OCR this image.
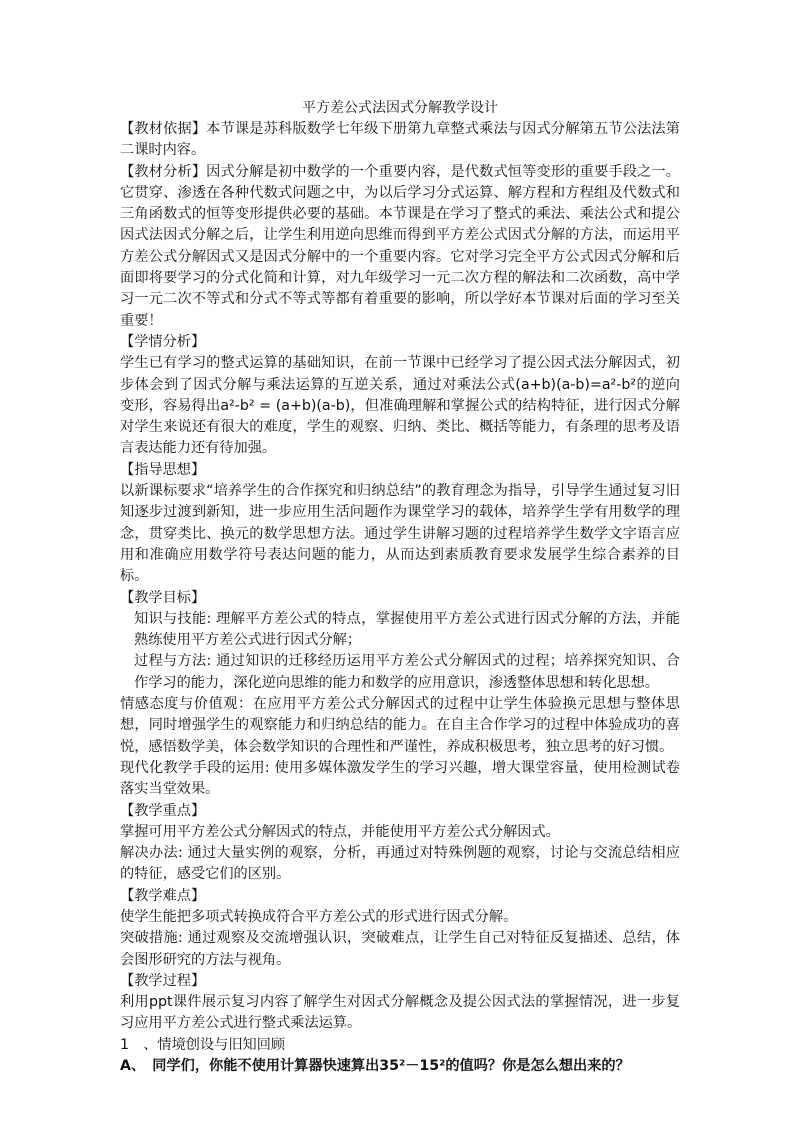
平方差公式法因式分解教学设计

【教材依据】本节课是苏科版数学七年级下册第九章整式乘法与因式分解第五节公法法第二课时内容。

【教材分析】因式分解是初中数学的一个重要内容，是代数式恒等变形的重要手段之一。它贯穿、渗透在各种代数式问题之中，为以后学习分式运算、解方程和方程组及代数式和三角函数式的恒等变形提供必要的基础。本节课是在学习了整式的乘法、乘法公式和提公因式法因式分解之后，让学生利用逆向思维而得到平方差公式因式分解的方法，而运用平方差公式分解因式又是因式分解中的一个重要内容。它对学习完全平方公式因式分解和后面即将要学习的分式化简和计算，对九年级学习一元二次方程的解法和二次函数，高中学习一元二次不等式和分式不等式等都有着重要的影响，所以学好本节课对后面的学习至关重要！

【学情分析】

学生已有学习的整式运算的基础知识，在前一节课中已经学习了提公因式法分解因式，初步体会到了因式分解与乘法运算的互逆关系，通过对乘法公式(a+b)(a-b)=a²-b²的逆向变形，容易得出a²-b² = (a+b)(a-b)，但准确理解和掌握公式的结构特征，进行因式分解对学生来说还有很大的难度，学生的观察、归纳、类比、概括等能力，有条理的思考及语言表达能力还有待加强。

【指导思想】

以新课标要求“培养学生的合作探究和归纳总结”的教育理念为指导，引导学生通过复习旧知逐步过渡到新知，进一步应用生活问题作为课堂学习的载体，培养学生学有用数学的理念，贯穿类比、换元的数学思想方法。通过学生讲解习题的过程培养学生数学文字语言应用和准确应用数学符号表达问题的能力，从而达到素质教育要求发展学生综合素养的目标。

【教学目标】

知识与技能: 理解平方差公式的特点，掌握使用平方差公式进行因式分解的方法，并能熟练使用平方差公式进行因式分解；

过程与方法: 通过知识的迁移经历运用平方差公式分解因式的过程；培养探究知识、合作学习的能力，深化逆向思维的能力和数学的应用意识，渗透整体思想和转化思想。

情感态度与价值观：在应用平方差公式分解因式的过程中让学生体验换元思想与整体思想，同时增强学生的观察能力和归纳总结的能力。在自主合作学习的过程中体验成功的喜悦，感悟数学美，体会数学知识的合理性和严谨性，养成积极思考，独立思考的好习惯。

现代化教学手段的运用: 使用多媒体激发学生的学习兴趣，增大课堂容量，使用检测试卷落实当堂效果。

【教学重点】

掌握可用平方差公式分解因式的特点，并能使用平方差公式分解因式。

解决办法: 通过大量实例的观察，分析，再通过对特殊例题的观察，讨论与交流总结相应的特征，感受它们的区别。

【教学难点】

使学生能把多项式转换成符合平方差公式的形式进行因式分解。

突破措施: 通过观察及交流增强认识，突破难点，让学生自己对特征反复描述、总结，体会图形研究的方法与视角。

【教学过程】

利用ppt课件展示复习内容了解学生对因式分解概念及提公因式法的掌握情况，进一步复习应用平方差公式进行整式乘法运算。

1　、情境创设与旧知回顾

A、　同学们，你能不使用计算器快速算出35²－15²的值吗？你是怎么想出来的？
